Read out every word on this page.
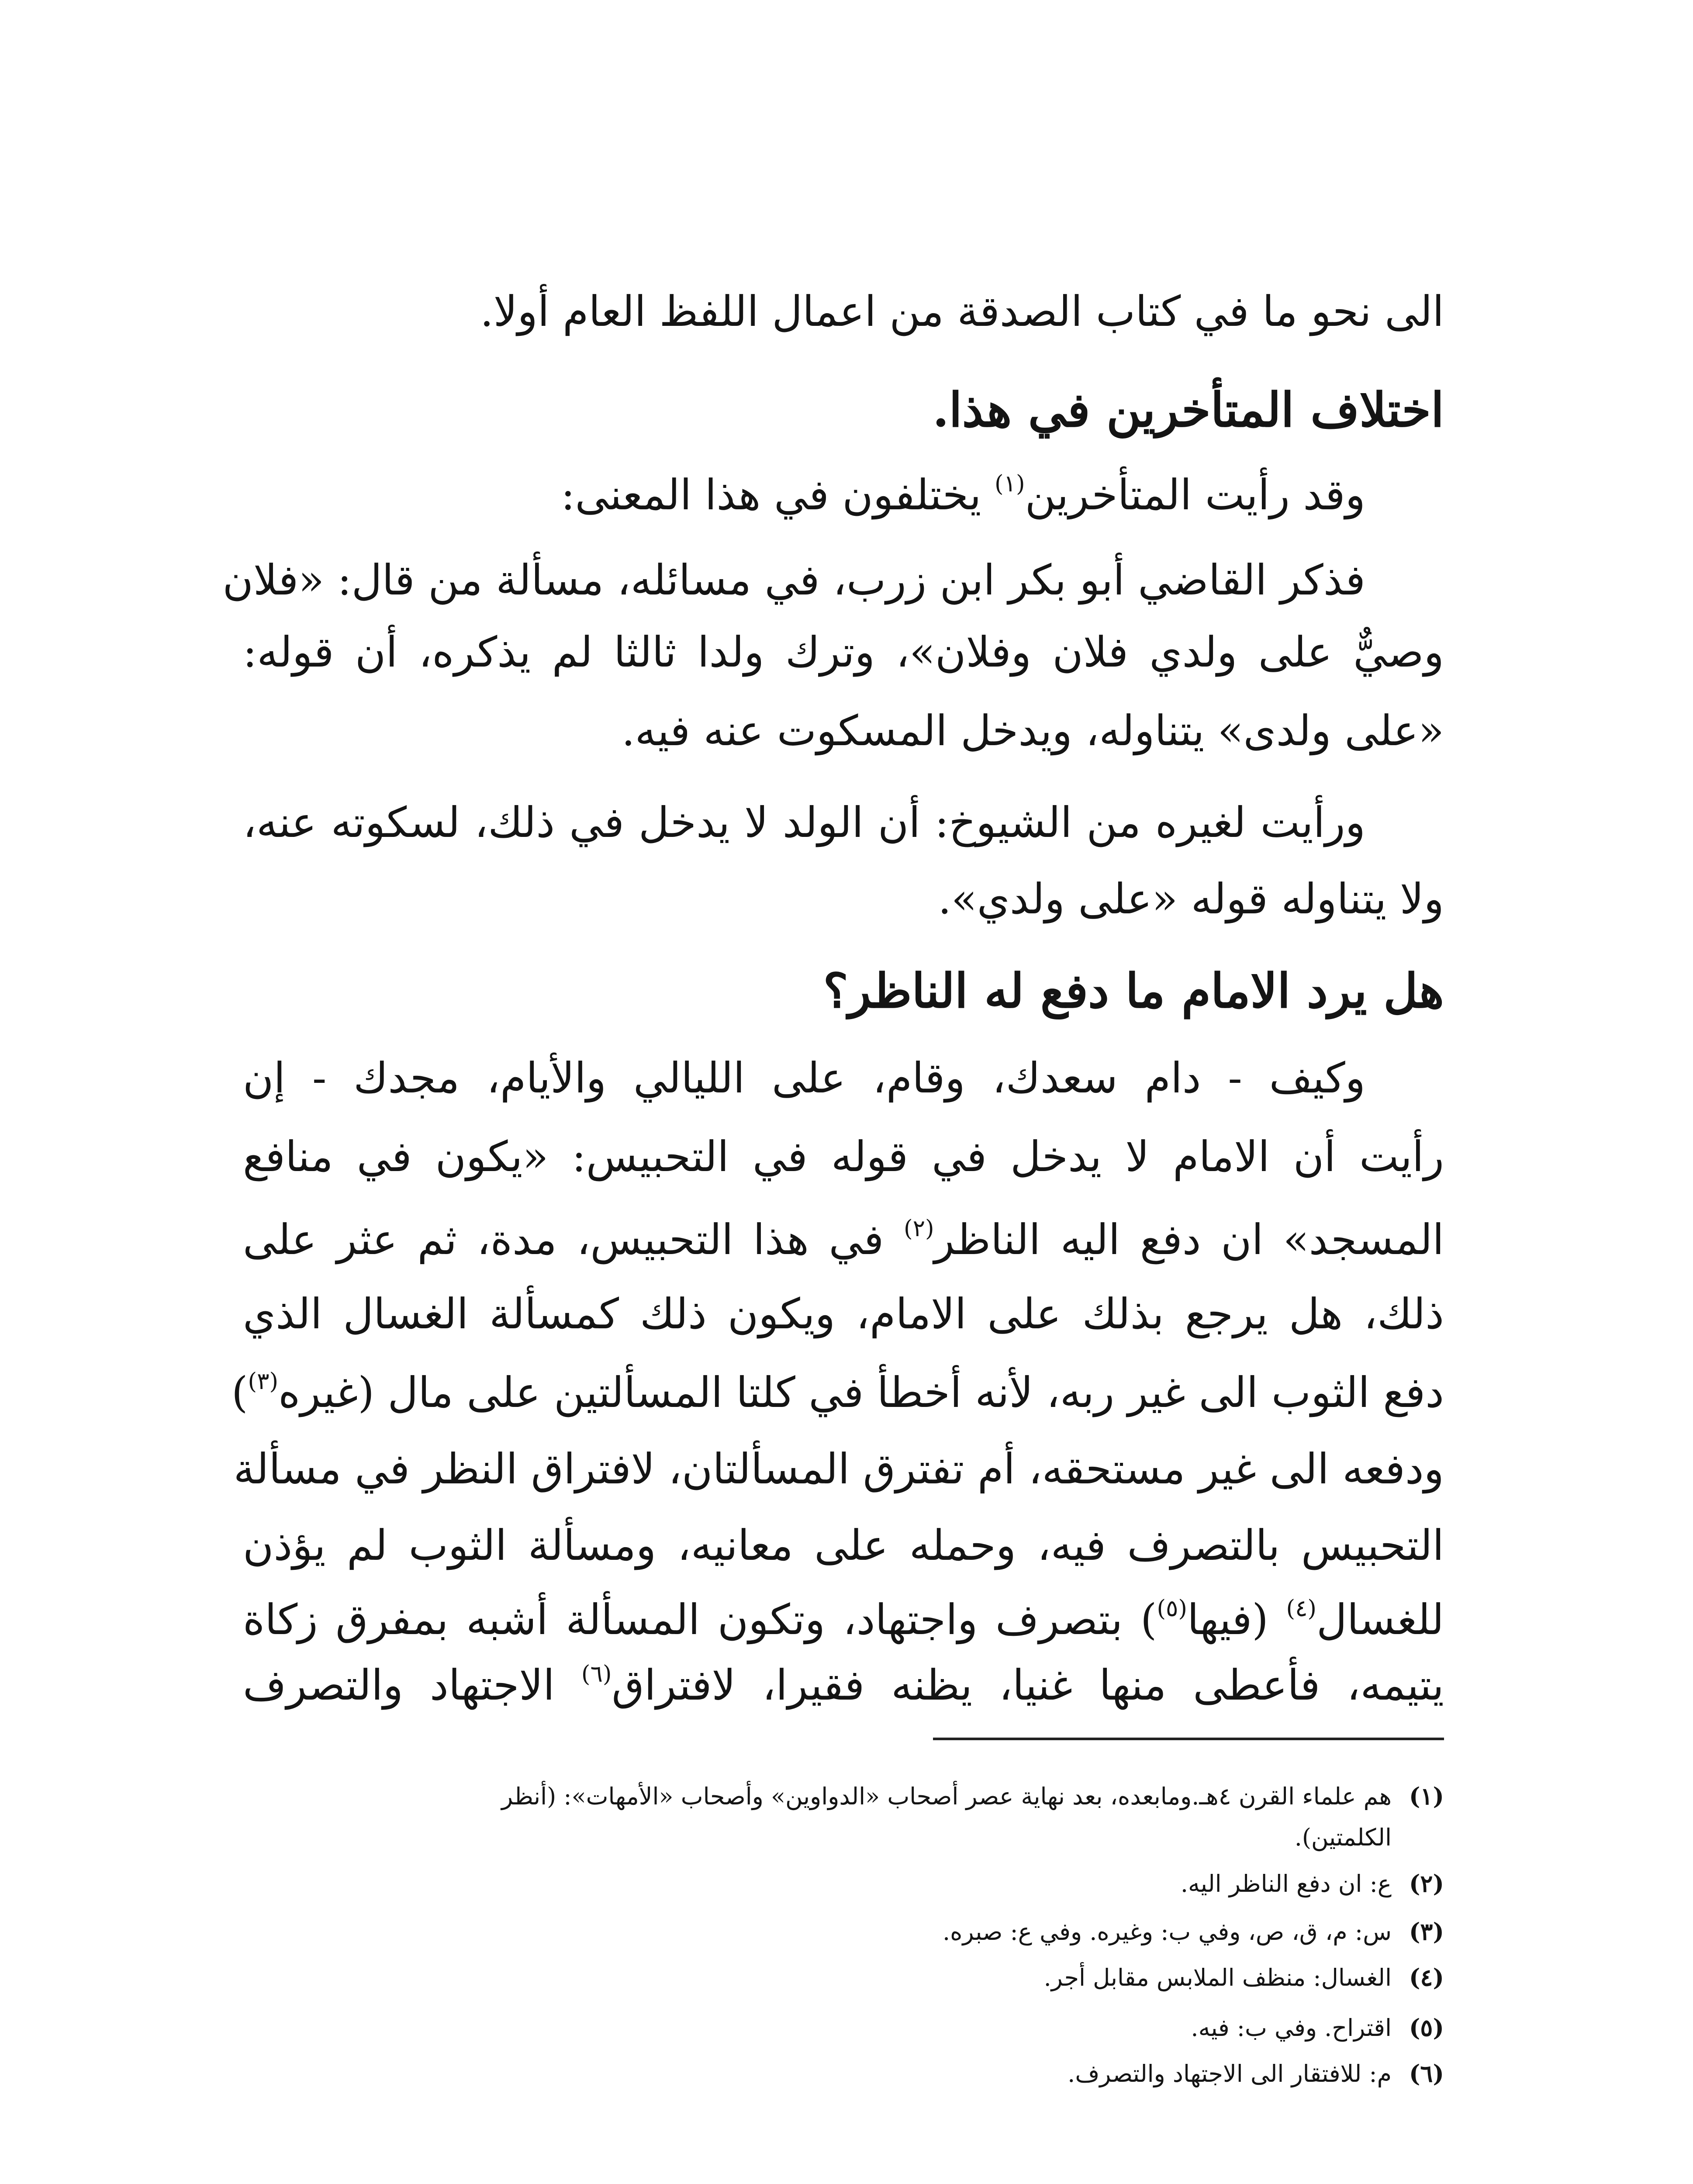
الى نحو ما في كتاب الصدقة من اعمال اللفظ العام أولا.
اختلاف المتأخرين في هذا.
وقد رأيت المتأخرين$^{(١)}$ يختلفون في هذا المعنى:
فذكر القاضي أبو بكر ابن زرب، في مسائله، مسألة من قال: «فلان
وصيٌّ على ولدي فلان وفلان»، وترك ولدا ثالثا لم يذكره، أن قوله:
«على ولدى» يتناوله، ويدخل المسكوت عنه فيه.
ورأيت لغيره من الشيوخ: أن الولد لا يدخل في ذلك، لسكوته عنه،
ولا يتناوله قوله «على ولدي».
هل يرد الامام ما دفع له الناظر؟
وكيف - دام سعدك، وقام، على الليالي والأيام، مجدك - إن
رأيت أن الامام لا يدخل في قوله في التحبيس: «يكون في منافع
المسجد» ان دفع اليه الناظر$^{(٢)}$ في هذا التحبيس، مدة، ثم عثر على
ذلك، هل يرجع بذلك على الامام، ويكون ذلك كمسألة الغسال الذي
دفع الثوب الى غير ربه، لأنه أخطأ في كلتا المسألتين على مال (غيره$^{(٣)}$)
ودفعه الى غير مستحقه، أم تفترق المسألتان، لافتراق النظر في مسألة
التحبيس بالتصرف فيه، وحمله على معانيه، ومسألة الثوب لم يؤذن
للغسال$^{(٤)}$ (فيها$^{(٥)}$) بتصرف واجتهاد، وتكون المسألة أشبه بمفرق زكاة
يتيمه، فأعطى منها غنيا، يظنه فقيرا، لافتراق$^{(٦)}$ الاجتهاد والتصرف
(١)هم علماء القرن ٤هـ.ومابعده، بعد نهاية عصر أصحاب «الدواوين» وأصحاب «الأمهات»: (أنظر
الكلمتين).
(٢)ع: ان دفع الناظر اليه.
(٣)س: م، ق، ص، وفي ب: وغيره. وفي ع: صبره.
(٤)الغسال: منظف الملابس مقابل أجر.
(٥)اقتراح. وفي ب: فيه.
(٦)م: للافتقار الى الاجتهاد والتصرف.
